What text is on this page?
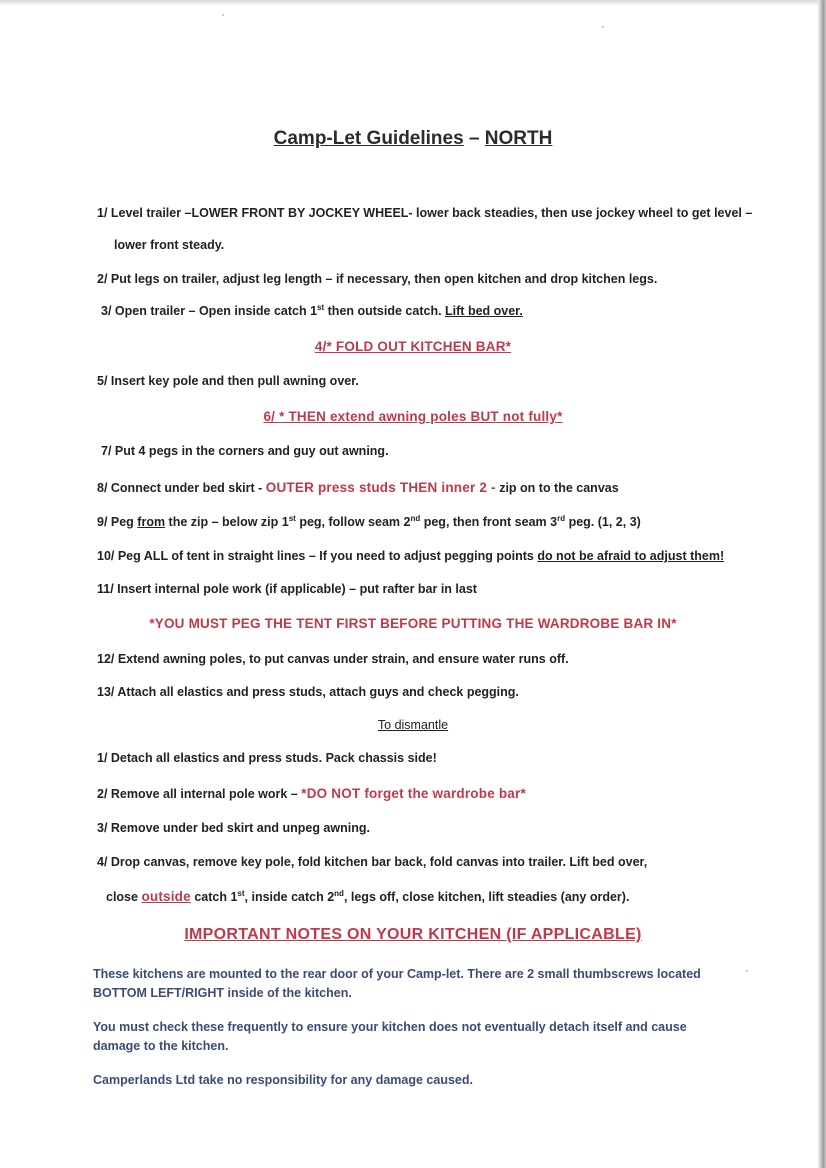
Camp-Let Guidelines – NORTH
1/ Level trailer –LOWER FRONT BY JOCKEY WHEEL- lower back steadies, then use jockey wheel to get level –
lower front steady.
2/ Put legs on trailer, adjust leg length – if necessary, then open kitchen and drop kitchen legs.
3/ Open trailer – Open inside catch 1st then outside catch. Lift bed over.
4/* FOLD OUT KITCHEN BAR*
5/ Insert key pole and then pull awning over.
6/ * THEN extend awning poles BUT not fully*
7/ Put 4 pegs in the corners and guy out awning.
8/ Connect under bed skirt - OUTER press studs THEN inner 2 - zip on to the canvas
9/ Peg from the zip – below zip 1st peg, follow seam 2nd peg, then front seam 3rd peg. (1, 2, 3)
10/ Peg ALL of tent in straight lines – If you need to adjust pegging points do not be afraid to adjust them!
11/ Insert internal pole work (if applicable) – put rafter bar in last
*YOU MUST PEG THE TENT FIRST BEFORE PUTTING THE WARDROBE BAR IN*
12/ Extend awning poles, to put canvas under strain, and ensure water runs off.
13/ Attach all elastics and press studs, attach guys and check pegging.
To dismantle
1/ Detach all elastics and press studs. Pack chassis side!
2/ Remove all internal pole work – *DO NOT forget the wardrobe bar*
3/ Remove under bed skirt and unpeg awning.
4/ Drop canvas, remove key pole, fold kitchen bar back, fold canvas into trailer. Lift bed over,
close outside catch 1st, inside catch 2nd, legs off, close kitchen, lift steadies (any order).
IMPORTANT NOTES ON YOUR KITCHEN (IF APPLICABLE)
These kitchens are mounted to the rear door of your Camp-let. There are 2 small thumbscrews located BOTTOM LEFT/RIGHT inside of the kitchen.
You must check these frequently to ensure your kitchen does not eventually detach itself and cause damage to the kitchen.
Camperlands Ltd take no responsibility for any damage caused.
